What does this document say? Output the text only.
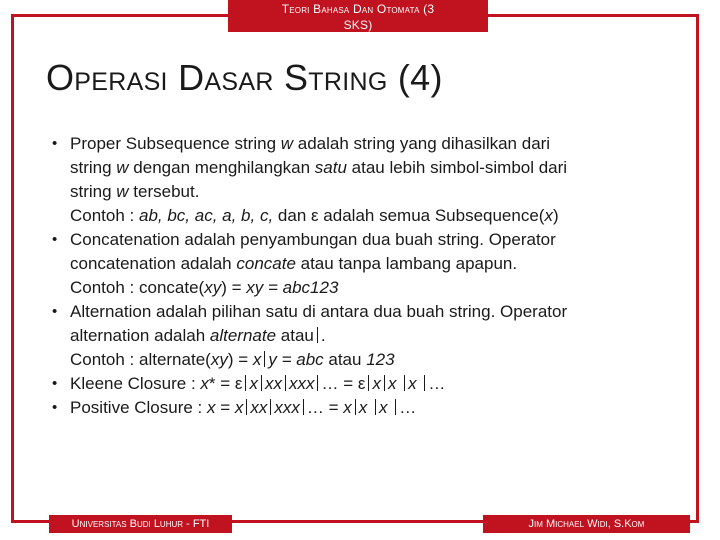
Teori Bahasa Dan Otomata (3
SKS)
Operasi Dasar String (4)
• Proper Subsequence string w adalah string yang dihasilkan dari
string w dengan menghilangkan satu atau lebih simbol-simbol dari
string w tersebut.
Contoh : ab, bc, ac, a, b, c, dan ε adalah semua Subsequence(x)
• Concatenation adalah penyambungan dua buah string. Operator
concatenation adalah concate atau tanpa lambang apapun.
Contoh : concate(xy) = xy = abc123
• Alternation adalah pilihan satu di antara dua buah string. Operator
alternation adalah alternate atau .
Contoh : alternate(xy) = x y = abc atau 123
• Kleene Closure : x* = ε x xx xxx … = ε x x x …
• Positive Closure : x = x xx xxx … = x x x …
Universitas Budi Luhur - FTI	Jim Michael Widi, S.Kom
